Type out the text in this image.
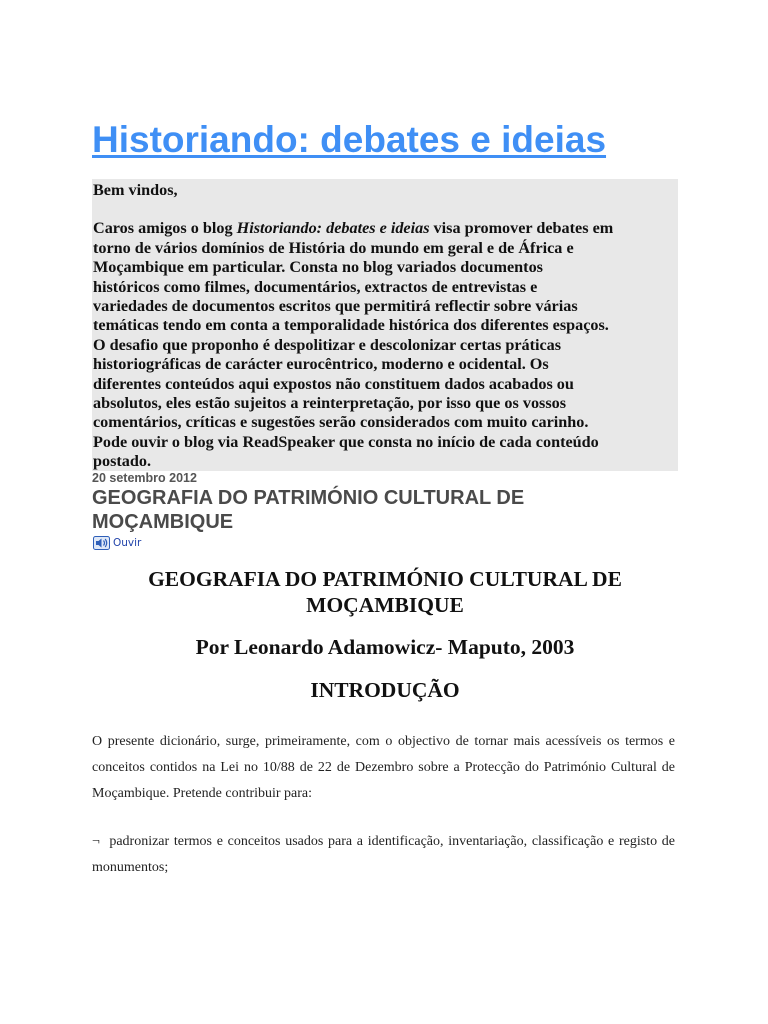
Historiando: debates e ideias

Bem vindos,

Caros amigos o blog Historiando: debates e ideias visa promover debates em
torno de vários domínios de História do mundo em geral e de África e
Moçambique em particular. Consta no blog variados documentos
históricos como filmes, documentários, extractos de entrevistas e
variedades de documentos escritos que permitirá reflectir sobre várias
temáticas tendo em conta a temporalidade histórica dos diferentes espaços.
O desafio que proponho é despolitizar e descolonizar certas práticas
historiográficas de carácter eurocêntrico, moderno e ocidental. Os
diferentes conteúdos aqui expostos não constituem dados acabados ou
absolutos, eles estão sujeitos a reinterpretação, por isso que os vossos
comentários, críticas e sugestões serão considerados com muito carinho.
Pode ouvir o blog via ReadSpeaker que consta no início de cada conteúdo
postado.

20 setembro 2012
GEOGRAFIA DO PATRIMÓNIO CULTURAL DE MOÇAMBIQUE
Ouvir
GEOGRAFIA DO PATRIMÓNIO CULTURAL DE MOÇAMBIQUE

Por Leonardo Adamowicz- Maputo, 2003

INTRODUÇÃO

O presente dicionário, surge, primeiramente, com o objectivo de tornar mais acessíveis os termos e conceitos contidos na Lei no 10/88 de 22 de Dezembro sobre a Protecção do Património Cultural de Moçambique. Pretende contribuir para:

¬ padronizar termos e conceitos usados para a identificação, inventariação, classificação e registo de monumentos;
